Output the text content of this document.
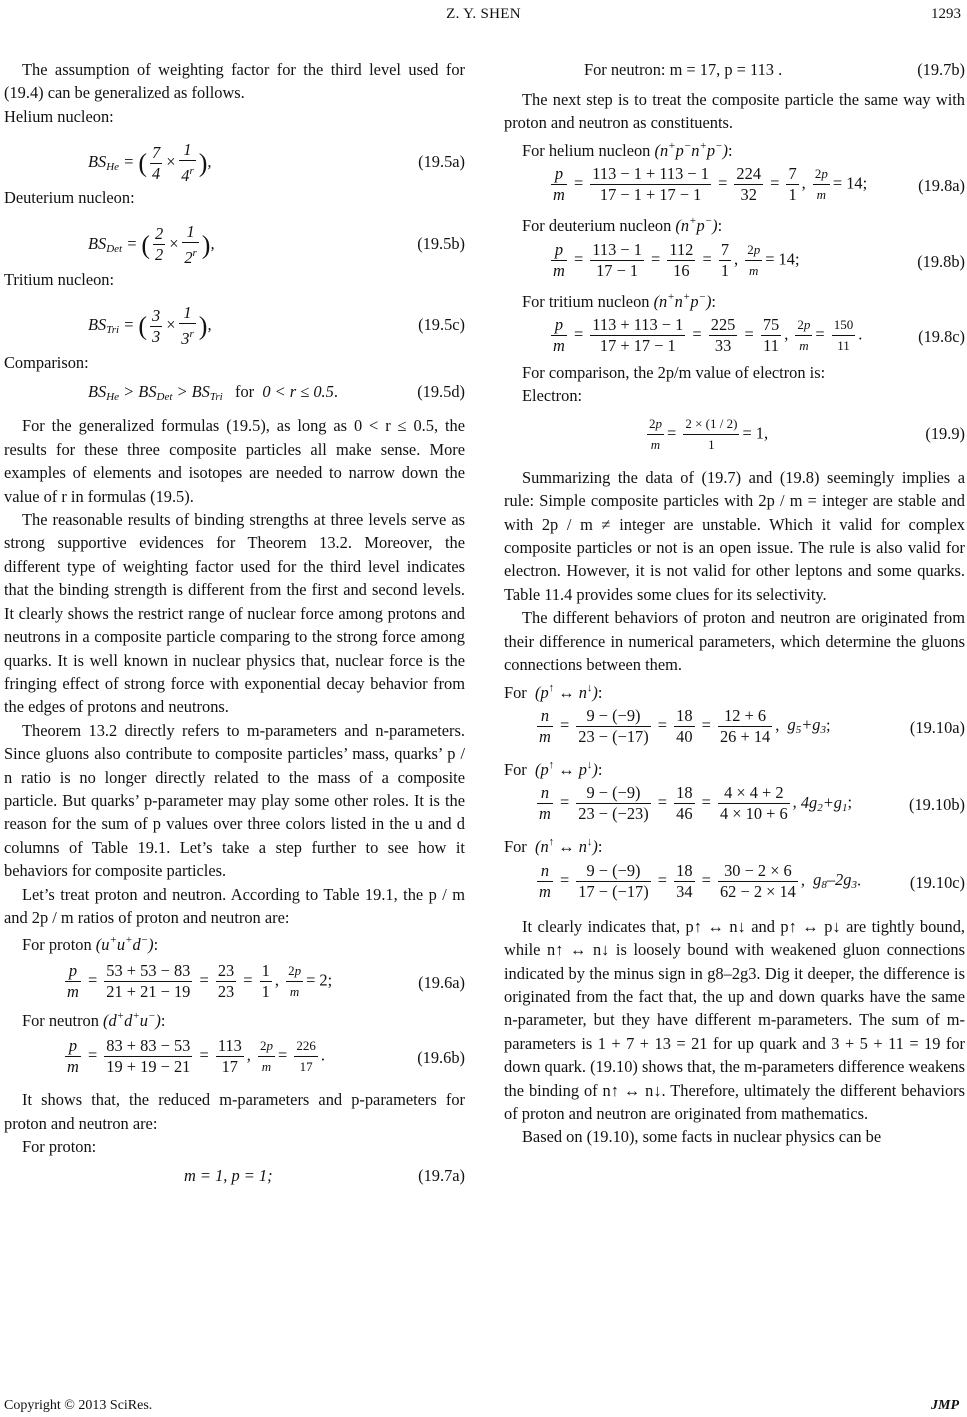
Z. Y. SHEN	1293

The assumption of weighting factor for the third level used for (19.4) can be generalized as follows.

Helium nucleon:

BSHe = ( $\frac{7}{4} \times \frac{1}{4^r}$ ),	(19.5a)

Deuterium nucleon:

BSDet = ( $\frac{2}{2} \times \frac{1}{2^r}$ ),	(19.5b)

Tritium nucleon:

BSTri = ( $\frac{3}{3} \times \frac{1}{3^r}$ ),	(19.5c)

Comparison:

BSHe > BSDet > BSTri   for  0 < r ≤ 0.5.	(19.5d)

For the generalized formulas (19.5), as long as 0 < r ≤ 0.5, the results for these three composite particles all make sense. More examples of elements and isotopes are needed to narrow down the value of r in formulas (19.5).

The reasonable results of binding strengths at three levels serve as strong supportive evidences for Theorem 13.2. Moreover, the different type of weighting factor used for the third level indicates that the binding strength is different from the first and second levels. It clearly shows the restrict range of nuclear force among protons and neutrons in a composite particle comparing to the strong force among quarks. It is well known in nuclear physics that, nuclear force is the fringing effect of strong force with exponential decay behavior from the edges of protons and neutrons.

Theorem 13.2 directly refers to m-parameters and n-parameters. Since gluons also contribute to composite particles’ mass, quarks’ p / n ratio is no longer directly related to the mass of a composite particle. But quarks’ p-parameter may play some other roles. It is the reason for the sum of p values over three colors listed in the u and d columns of Table 19.1. Let’s take a step further to see how it behaviors for composite particles.

Let’s treat proton and neutron. According to Table 19.1, the p / m and 2p / m ratios of proton and neutron are:

For proton (u+u+d−):

$\frac{p}{m} = \frac{53 + 53 - 83}{21 + 21 - 19} = \frac{23}{23} = \frac{1}{1}$ , $\frac{2p}{m} = 2$;	(19.6a)

For neutron (d+d+u−):

$\frac{p}{m} = \frac{83 + 83 - 53}{19 + 19 - 21} = \frac{113}{17}$ , $\frac{2p}{m} = \frac{226}{17}$ .	(19.6b)

It shows that, the reduced m-parameters and p-parameters for proton and neutron are:

For proton:

m = 1, p = 1;	(19.7a)
For neutron: m = 17, p = 113 .	(19.7b)

The next step is to treat the composite particle the same way with proton and neutron as constituents.

For helium nucleon (n+p−n+p−):

$\frac{p}{m} = \frac{113 - 1 + 113 - 1}{17 - 1 + 17 - 1} = \frac{224}{32} = \frac{7}{1}$ , $\frac{2p}{m} = 14$;	(19.8a)

For deuterium nucleon (n+p−):

$\frac{p}{m} = \frac{113 - 1}{17 - 1} = \frac{112}{16} = \frac{7}{1}$ , $\frac{2p}{m} = 14$;	(19.8b)

For tritium nucleon (n+n+p−):

$\frac{p}{m} = \frac{113 + 113 - 1}{17 + 17 - 1} = \frac{225}{33} = \frac{75}{11}$ , $\frac{2p}{m} = \frac{150}{11}$ .	(19.8c)

For comparison, the 2p/m value of electron is:

Electron:

$\frac{2p}{m} = \frac{2 \times (1 / 2)}{1} = 1$,	(19.9)

Summarizing the data of (19.7) and (19.8) seemingly implies a rule: Simple composite particles with 2p / m = integer are stable and with 2p / m ≠ integer are unstable. Which it valid for complex composite particles or not is an open issue. The rule is also valid for electron. However, it is not valid for other leptons and some quarks. Table 11.4 provides some clues for its selectivity.

The different behaviors of proton and neutron are originated from their difference in numerical parameters, which determine the gluons connections between them.

For (p↑ ↔ n↓):

$\frac{n}{m} = \frac{9 - (-9)}{23 - (-17)} = \frac{18}{40} = \frac{12 + 6}{26 + 14}$ ,  g5+g3;	(19.10a)

For (p↑ ↔ p↓):

$\frac{n}{m} = \frac{9 - (-9)}{23 - (-23)} = \frac{18}{46} = \frac{4 \times 4 + 2}{4 \times 10 + 6}$ , 4g2+g1;	(19.10b)

For (n↑ ↔ n↓):

$\frac{n}{m} = \frac{9 - (-9)}{17 - (-17)} = \frac{18}{34} = \frac{30 - 2 \times 6}{62 - 2 \times 14}$ ,  g8–2g3.	(19.10c)

It clearly indicates that, p↑ ↔ n↓ and p↑ ↔ p↓ are tightly bound, while n↑ ↔ n↓ is loosely bound with weakened gluon connections indicated by the minus sign in g8–2g3. Dig it deeper, the difference is originated from the fact that, the up and down quarks have the same n-parameter, but they have different m-parameters. The sum of m-parameters is 1 + 7 + 13 = 21 for up quark and 3 + 5 + 11 = 19 for down quark. (19.10) shows that, the m-parameters difference weakens the binding of n↑ ↔ n↓. Therefore, ultimately the different behaviors of proton and neutron are originated from mathematics.

Based on (19.10), some facts in nuclear physics can be

Copyright © 2013 SciRes.	JMP
